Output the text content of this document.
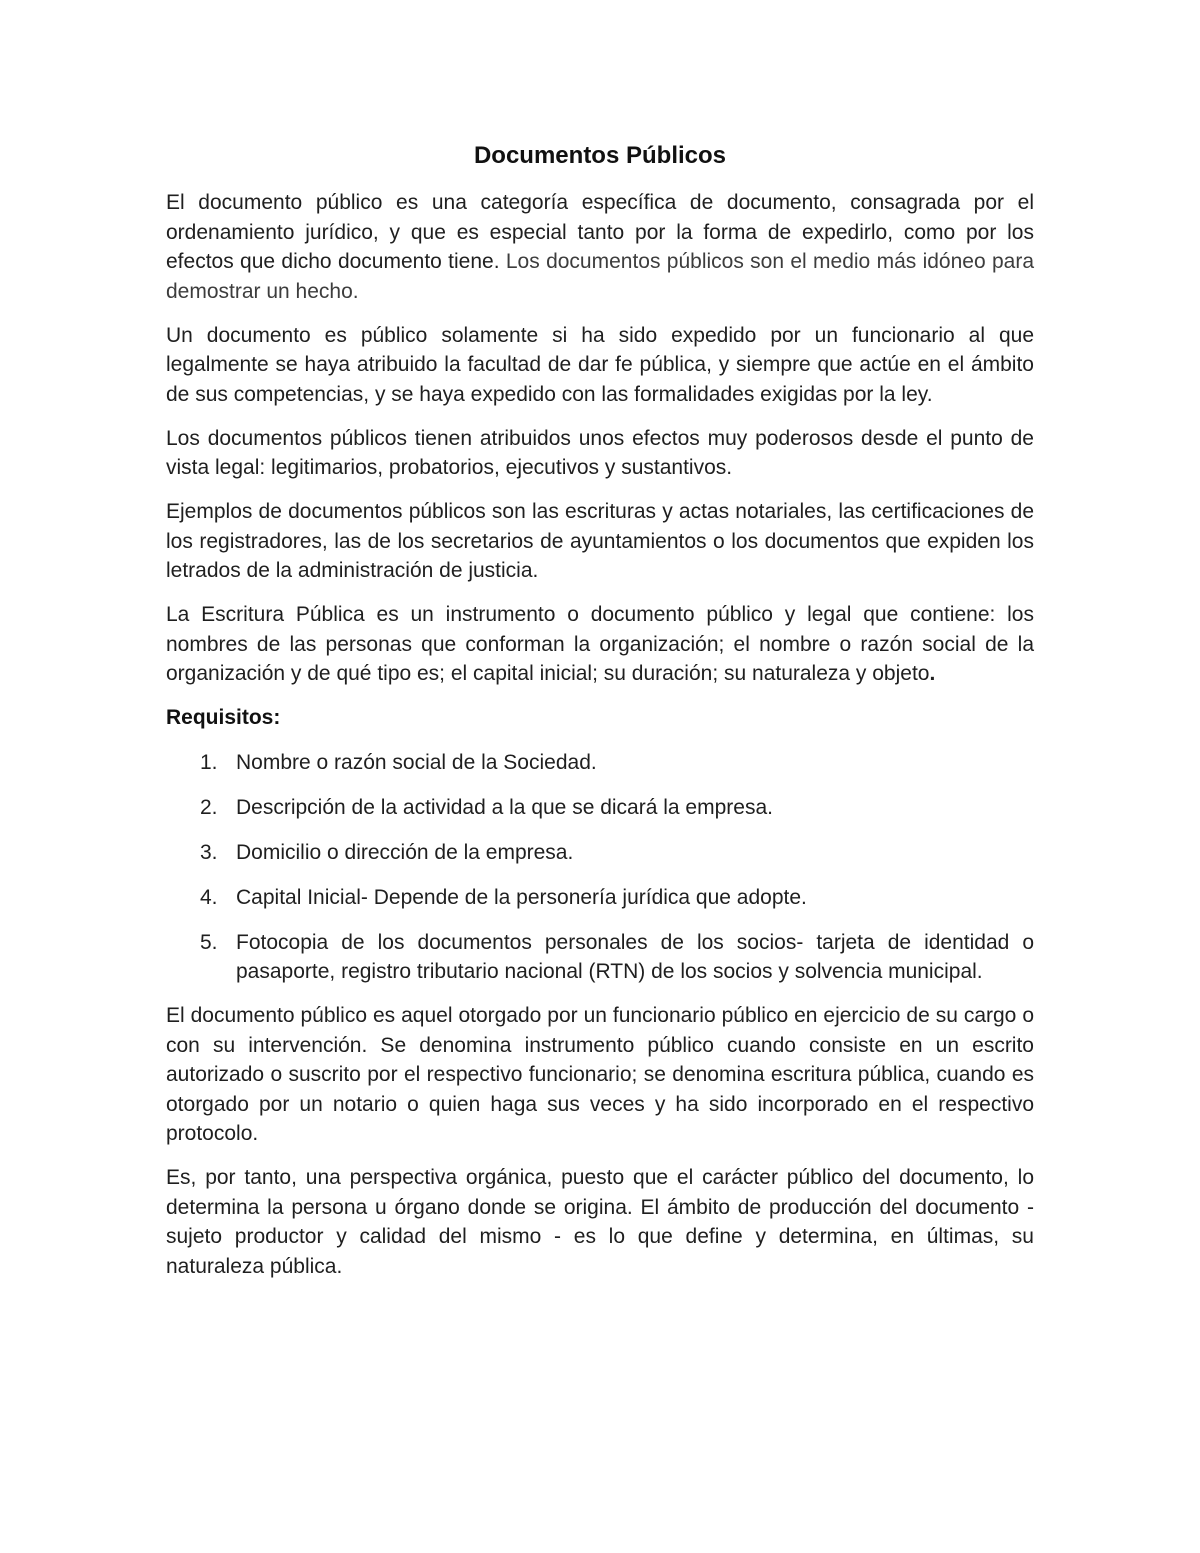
Documentos Públicos

El documento público es una categoría específica de documento, consagrada por el ordenamiento jurídico, y que es especial tanto por la forma de expedirlo, como por los efectos que dicho documento tiene. Los documentos públicos son el medio más idóneo para demostrar un hecho.

Un documento es público solamente si ha sido expedido por un funcionario al que legalmente se haya atribuido la facultad de dar fe pública, y siempre que actúe en el ámbito de sus competencias, y se haya expedido con las formalidades exigidas por la ley.

Los documentos públicos tienen atribuidos unos efectos muy poderosos desde el punto de vista legal: legitimarios, probatorios, ejecutivos y sustantivos.

Ejemplos de documentos públicos son las escrituras y actas notariales, las certificaciones de los registradores, las de los secretarios de ayuntamientos o los documentos que expiden los letrados de la administración de justicia.

La Escritura Pública es un instrumento o documento público y legal que contiene: los nombres de las personas que conforman la organización; el nombre o razón social de la organización y de qué tipo es; el capital inicial; su duración; su naturaleza y objeto.

Requisitos:
1. Nombre o razón social de la Sociedad.
2. Descripción de la actividad a la que se dicará la empresa.
3. Domicilio o dirección de la empresa.
4. Capital Inicial- Depende de la personería jurídica que adopte.
5. Fotocopia de los documentos personales de los socios- tarjeta de identidad o pasaporte, registro tributario nacional (RTN) de los socios y solvencia municipal.

El documento público es aquel otorgado por un funcionario público en ejercicio de su cargo o con su intervención. Se denomina instrumento público cuando consiste en un escrito autorizado o suscrito por el respectivo funcionario; se denomina escritura pública, cuando es otorgado por un notario o quien haga sus veces y ha sido incorporado en el respectivo protocolo.

Es, por tanto, una perspectiva orgánica, puesto que el carácter público del documento, lo determina la persona u órgano donde se origina. El ámbito de producción del documento - sujeto productor y calidad del mismo - es lo que define y determina, en últimas, su naturaleza pública.
